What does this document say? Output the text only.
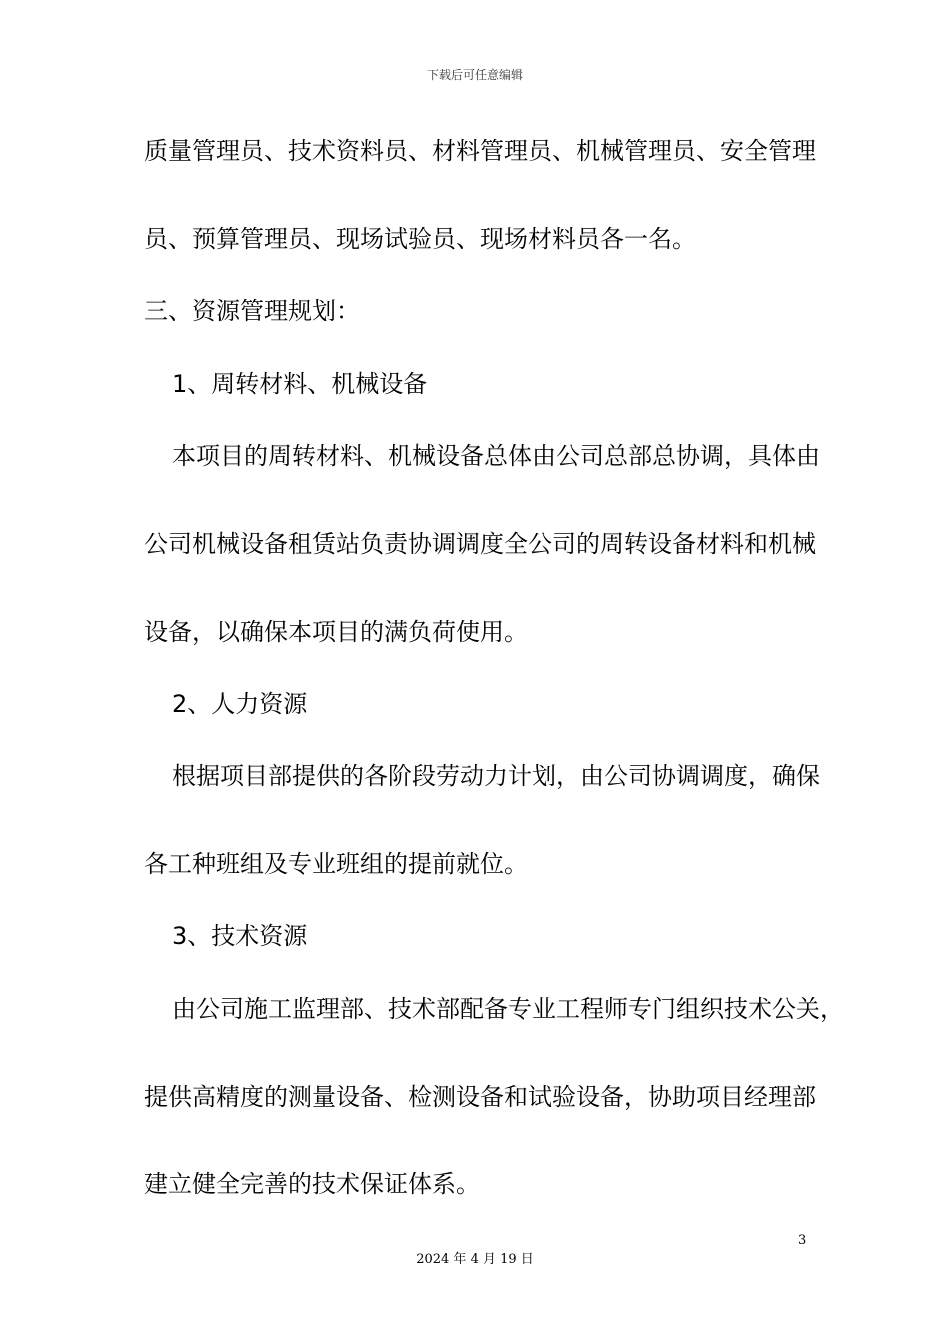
下载后可任意编辑
质量管理员、技术资料员、材料管理员、机械管理员、安全管理
员、预算管理员、现场试验员、现场材料员各一名。
三、资源管理规划：
1、周转材料、机械设备
本项目的周转材料、机械设备总体由公司总部总协调，具体由
公司机械设备租赁站负责协调调度全公司的周转设备材料和机械
设备，以确保本项目的满负荷使用。
2、人力资源
根据项目部提供的各阶段劳动力计划，由公司协调调度，确保
各工种班组及专业班组的提前就位。
3、技术资源
由公司施工监理部、技术部配备专业工程师专门组织技术公关，
提供高精度的测量设备、检测设备和试验设备，协助项目经理部
建立健全完善的技术保证体系。
3
2024 年 4 月 19 日
